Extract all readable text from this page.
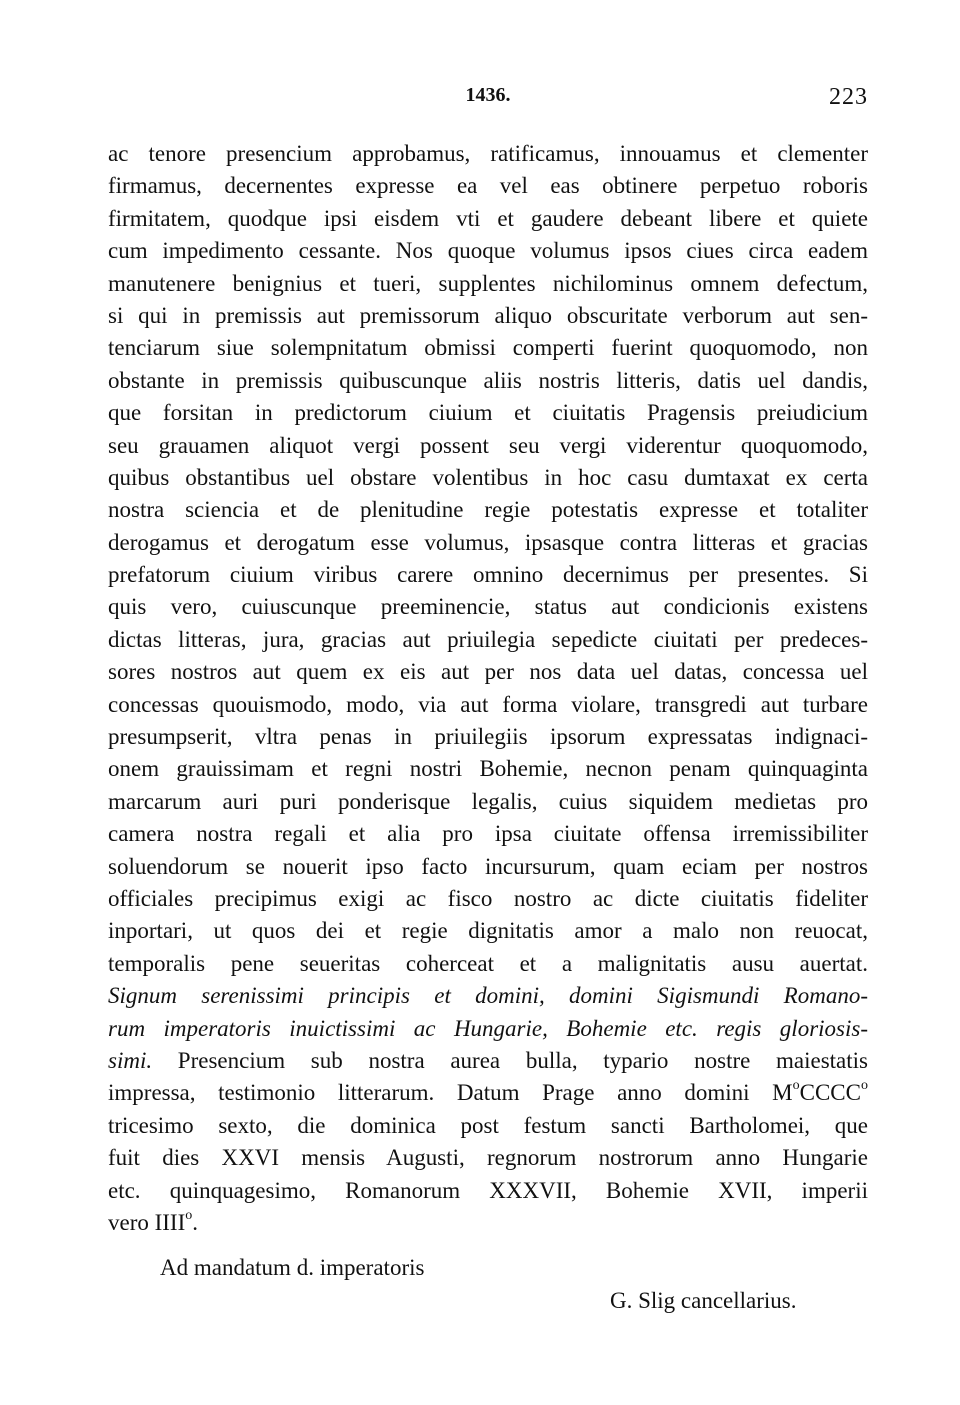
1436.	223
ac tenore presencium approbamus, ratificamus, innouamus et clementer
firmamus, decernentes expresse ea vel eas obtinere perpetuo roboris
firmitatem, quodque ipsi eisdem vti et gaudere debeant libere et quiete
cum impedimento cessante. Nos quoque volumus ipsos ciues circa eadem
manutenere benignius et tueri, supplentes nichilominus omnem defectum,
si qui in premissis aut premissorum aliquo obscuritate verborum aut sen-
tenciarum siue solempnitatum obmissi comperti fuerint quoquomodo, non
obstante in premissis quibuscunque aliis nostris litteris, datis uel dandis,
que forsitan in predictorum ciuium et ciuitatis Pragensis preiudicium
seu grauamen aliquot vergi possent seu vergi viderentur quoquomodo,
quibus obstantibus uel obstare volentibus in hoc casu dumtaxat ex certa
nostra sciencia et de plenitudine regie potestatis expresse et totaliter
derogamus et derogatum esse volumus, ipsasque contra litteras et gracias
prefatorum ciuium viribus carere omnino decernimus per presentes. Si
quis vero, cuiuscunque preeminencie, status aut condicionis existens
dictas litteras, jura, gracias aut priuilegia sepedicte ciuitati per predeces-
sores nostros aut quem ex eis aut per nos data uel datas, concessa uel
concessas quouismodo, modo, via aut forma violare, transgredi aut turbare
presumpserit, vltra penas in priuilegiis ipsorum expressatas indignaci-
onem grauissimam et regni nostri Bohemie, necnon penam quinquaginta
marcarum auri puri ponderisque legalis, cuius siquidem medietas pro
camera nostra regali et alia pro ipsa ciuitate offensa irremissibiliter
soluendorum se nouerit ipso facto incursurum, quam eciam per nostros
officiales precipimus exigi ac fisco nostro ac dicte ciuitatis fideliter
inportari, ut quos dei et regie dignitatis amor a malo non reuocat,
temporalis pene seueritas coherceat et a malignitatis ausu auertat.
Signum serenissimi principis et domini, domini Sigismundi Romano-
rum imperatoris inuictissimi ac Hungarie, Bohemie etc. regis gloriosis-
simi. Presencium sub nostra aurea bulla, typario nostre maiestatis
impressa, testimonio litterarum. Datum Prage anno domini $M^oCCCC^o$
tricesimo sexto, die dominica post festum sancti Bartholomei, que
fuit dies XXVI mensis Augusti, regnorum nostrorum anno Hungarie
etc. quinquagesimo, Romanorum XXXVII, Bohemie XVII, imperii
vero IIII$^o$.
Ad mandatum d. imperatoris
G. Slig cancellarius.
